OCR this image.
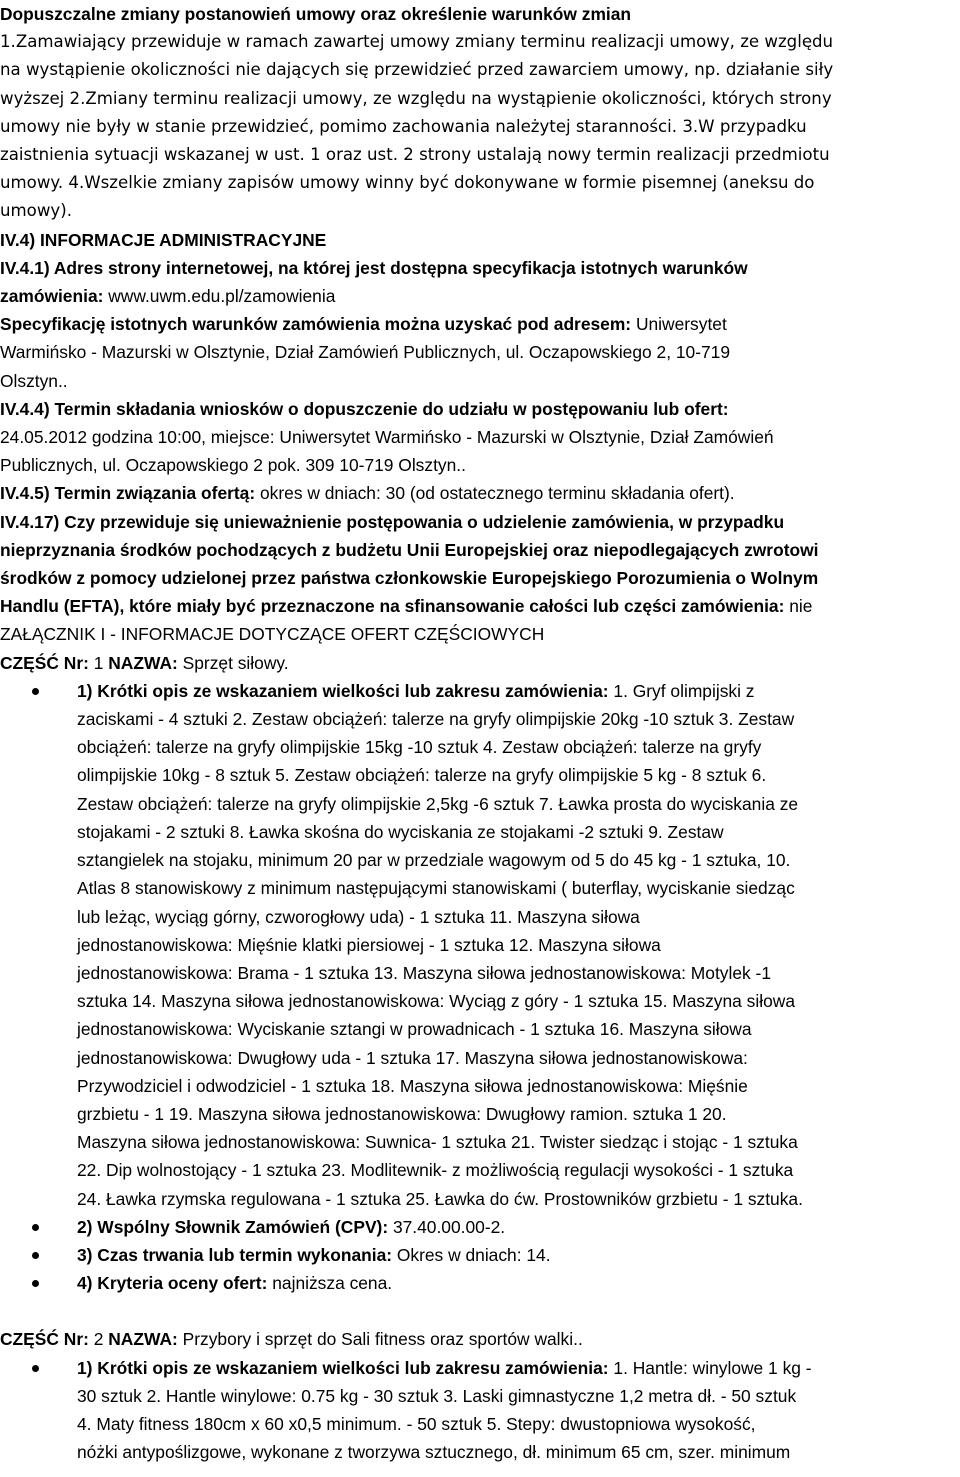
Dopuszczalne zmiany postanowień umowy oraz określenie warunków zmian

1.Zamawiający przewiduje w ramach zawartej umowy zmiany terminu realizacji umowy, ze względu

na wystąpienie okoliczności nie dających się przewidzieć przed zawarciem umowy, np. działanie siły

wyższej 2.Zmiany terminu realizacji umowy, ze względu na wystąpienie okoliczności, których strony

umowy nie były w stanie przewidzieć, pomimo zachowania należytej staranności. 3.W przypadku

zaistnienia sytuacji wskazanej w ust. 1 oraz ust. 2 strony ustalają nowy termin realizacji przedmiotu

umowy. 4.Wszelkie zmiany zapisów umowy winny być dokonywane w formie pisemnej (aneksu do

umowy).

IV.4) INFORMACJE ADMINISTRACYJNE

IV.4.1) Adres strony internetowej, na której jest dostępna specyfikacja istotnych warunków

zamówienia: www.uwm.edu.pl/zamowienia

Specyfikację istotnych warunków zamówienia można uzyskać pod adresem: Uniwersytet

Warmińsko - Mazurski w Olsztynie, Dział Zamówień Publicznych, ul. Oczapowskiego 2, 10-719

Olsztyn..

IV.4.4) Termin składania wniosków o dopuszczenie do udziału w postępowaniu lub ofert:

24.05.2012 godzina 10:00, miejsce: Uniwersytet Warmińsko - Mazurski w Olsztynie, Dział Zamówień

Publicznych, ul. Oczapowskiego 2 pok. 309 10-719 Olsztyn..

IV.4.5) Termin związania ofertą: okres w dniach: 30 (od ostatecznego terminu składania ofert).

IV.4.17) Czy przewiduje się unieważnienie postępowania o udzielenie zamówienia, w przypadku

nieprzyznania środków pochodzących z budżetu Unii Europejskiej oraz niepodlegających zwrotowi

środków z pomocy udzielonej przez państwa członkowskie Europejskiego Porozumienia o Wolnym

Handlu (EFTA), które miały być przeznaczone na sfinansowanie całości lub części zamówienia: nie

ZAŁĄCZNIK I - INFORMACJE DOTYCZĄCE OFERT CZĘŚCIOWYCH

CZĘŚĆ Nr: 1 NAZWA: Sprzęt siłowy.

1) Krótki opis ze wskazaniem wielkości lub zakresu zamówienia: 1. Gryf olimpijski z
zaciskami - 4 sztuki 2. Zestaw obciążeń: talerze na gryfy olimpijskie 20kg -10 sztuk 3. Zestaw
obciążeń: talerze na gryfy olimpijskie 15kg -10 sztuk 4. Zestaw obciążeń: talerze na gryfy
olimpijskie 10kg - 8 sztuk 5. Zestaw obciążeń: talerze na gryfy olimpijskie 5 kg - 8 sztuk 6.
Zestaw obciążeń: talerze na gryfy olimpijskie 2,5kg -6 sztuk 7. Ławka prosta do wyciskania ze
stojakami - 2 sztuki 8. Ławka skośna do wyciskania ze stojakami -2 sztuki 9. Zestaw
sztangielek na stojaku, minimum 20 par w przedziale wagowym od 5 do 45 kg - 1 sztuka, 10.
Atlas 8 stanowiskowy z minimum następującymi stanowiskami ( buterflay, wyciskanie siedząc
lub leżąc, wyciąg górny, czworogłowy uda) - 1 sztuka 11. Maszyna siłowa
jednostanowiskowa: Mięśnie klatki piersiowej - 1 sztuka 12. Maszyna siłowa
jednostanowiskowa: Brama - 1 sztuka 13. Maszyna siłowa jednostanowiskowa: Motylek -1
sztuka 14. Maszyna siłowa jednostanowiskowa: Wyciąg z góry - 1 sztuka 15. Maszyna siłowa
jednostanowiskowa: Wyciskanie sztangi w prowadnicach - 1 sztuka 16. Maszyna siłowa
jednostanowiskowa: Dwugłowy uda - 1 sztuka 17. Maszyna siłowa jednostanowiskowa:
Przywodziciel i odwodziciel - 1 sztuka 18. Maszyna siłowa jednostanowiskowa: Mięśnie
grzbietu - 1 19. Maszyna siłowa jednostanowiskowa: Dwugłowy ramion. sztuka 1 20.
Maszyna siłowa jednostanowiskowa: Suwnica- 1 sztuka 21. Twister siedząc i stojąc - 1 sztuka
22. Dip wolnostojący - 1 sztuka 23. Modlitewnik- z możliwością regulacji wysokości - 1 sztuka
24. Ławka rzymska regulowana - 1 sztuka 25. Ławka do ćw. Prostowników grzbietu - 1 sztuka.
2) Wspólny Słownik Zamówień (CPV): 37.40.00.00-2.
3) Czas trwania lub termin wykonania: Okres w dniach: 14.
4) Kryteria oceny ofert: najniższa cena.

CZĘŚĆ Nr: 2 NAZWA: Przybory i sprzęt do Sali fitness oraz sportów walki..

1) Krótki opis ze wskazaniem wielkości lub zakresu zamówienia: 1. Hantle: winylowe 1 kg -
30 sztuk 2. Hantle winylowe: 0.75 kg - 30 sztuk 3. Laski gimnastyczne 1,2 metra dł. - 50 sztuk
4. Maty fitness 180cm x 60 x0,5 minimum. - 50 sztuk 5. Stepy: dwustopniowa wysokość,
nóżki antypoślizgowe, wykonane z tworzywa sztucznego, dł. minimum 65 cm, szer. minimum
